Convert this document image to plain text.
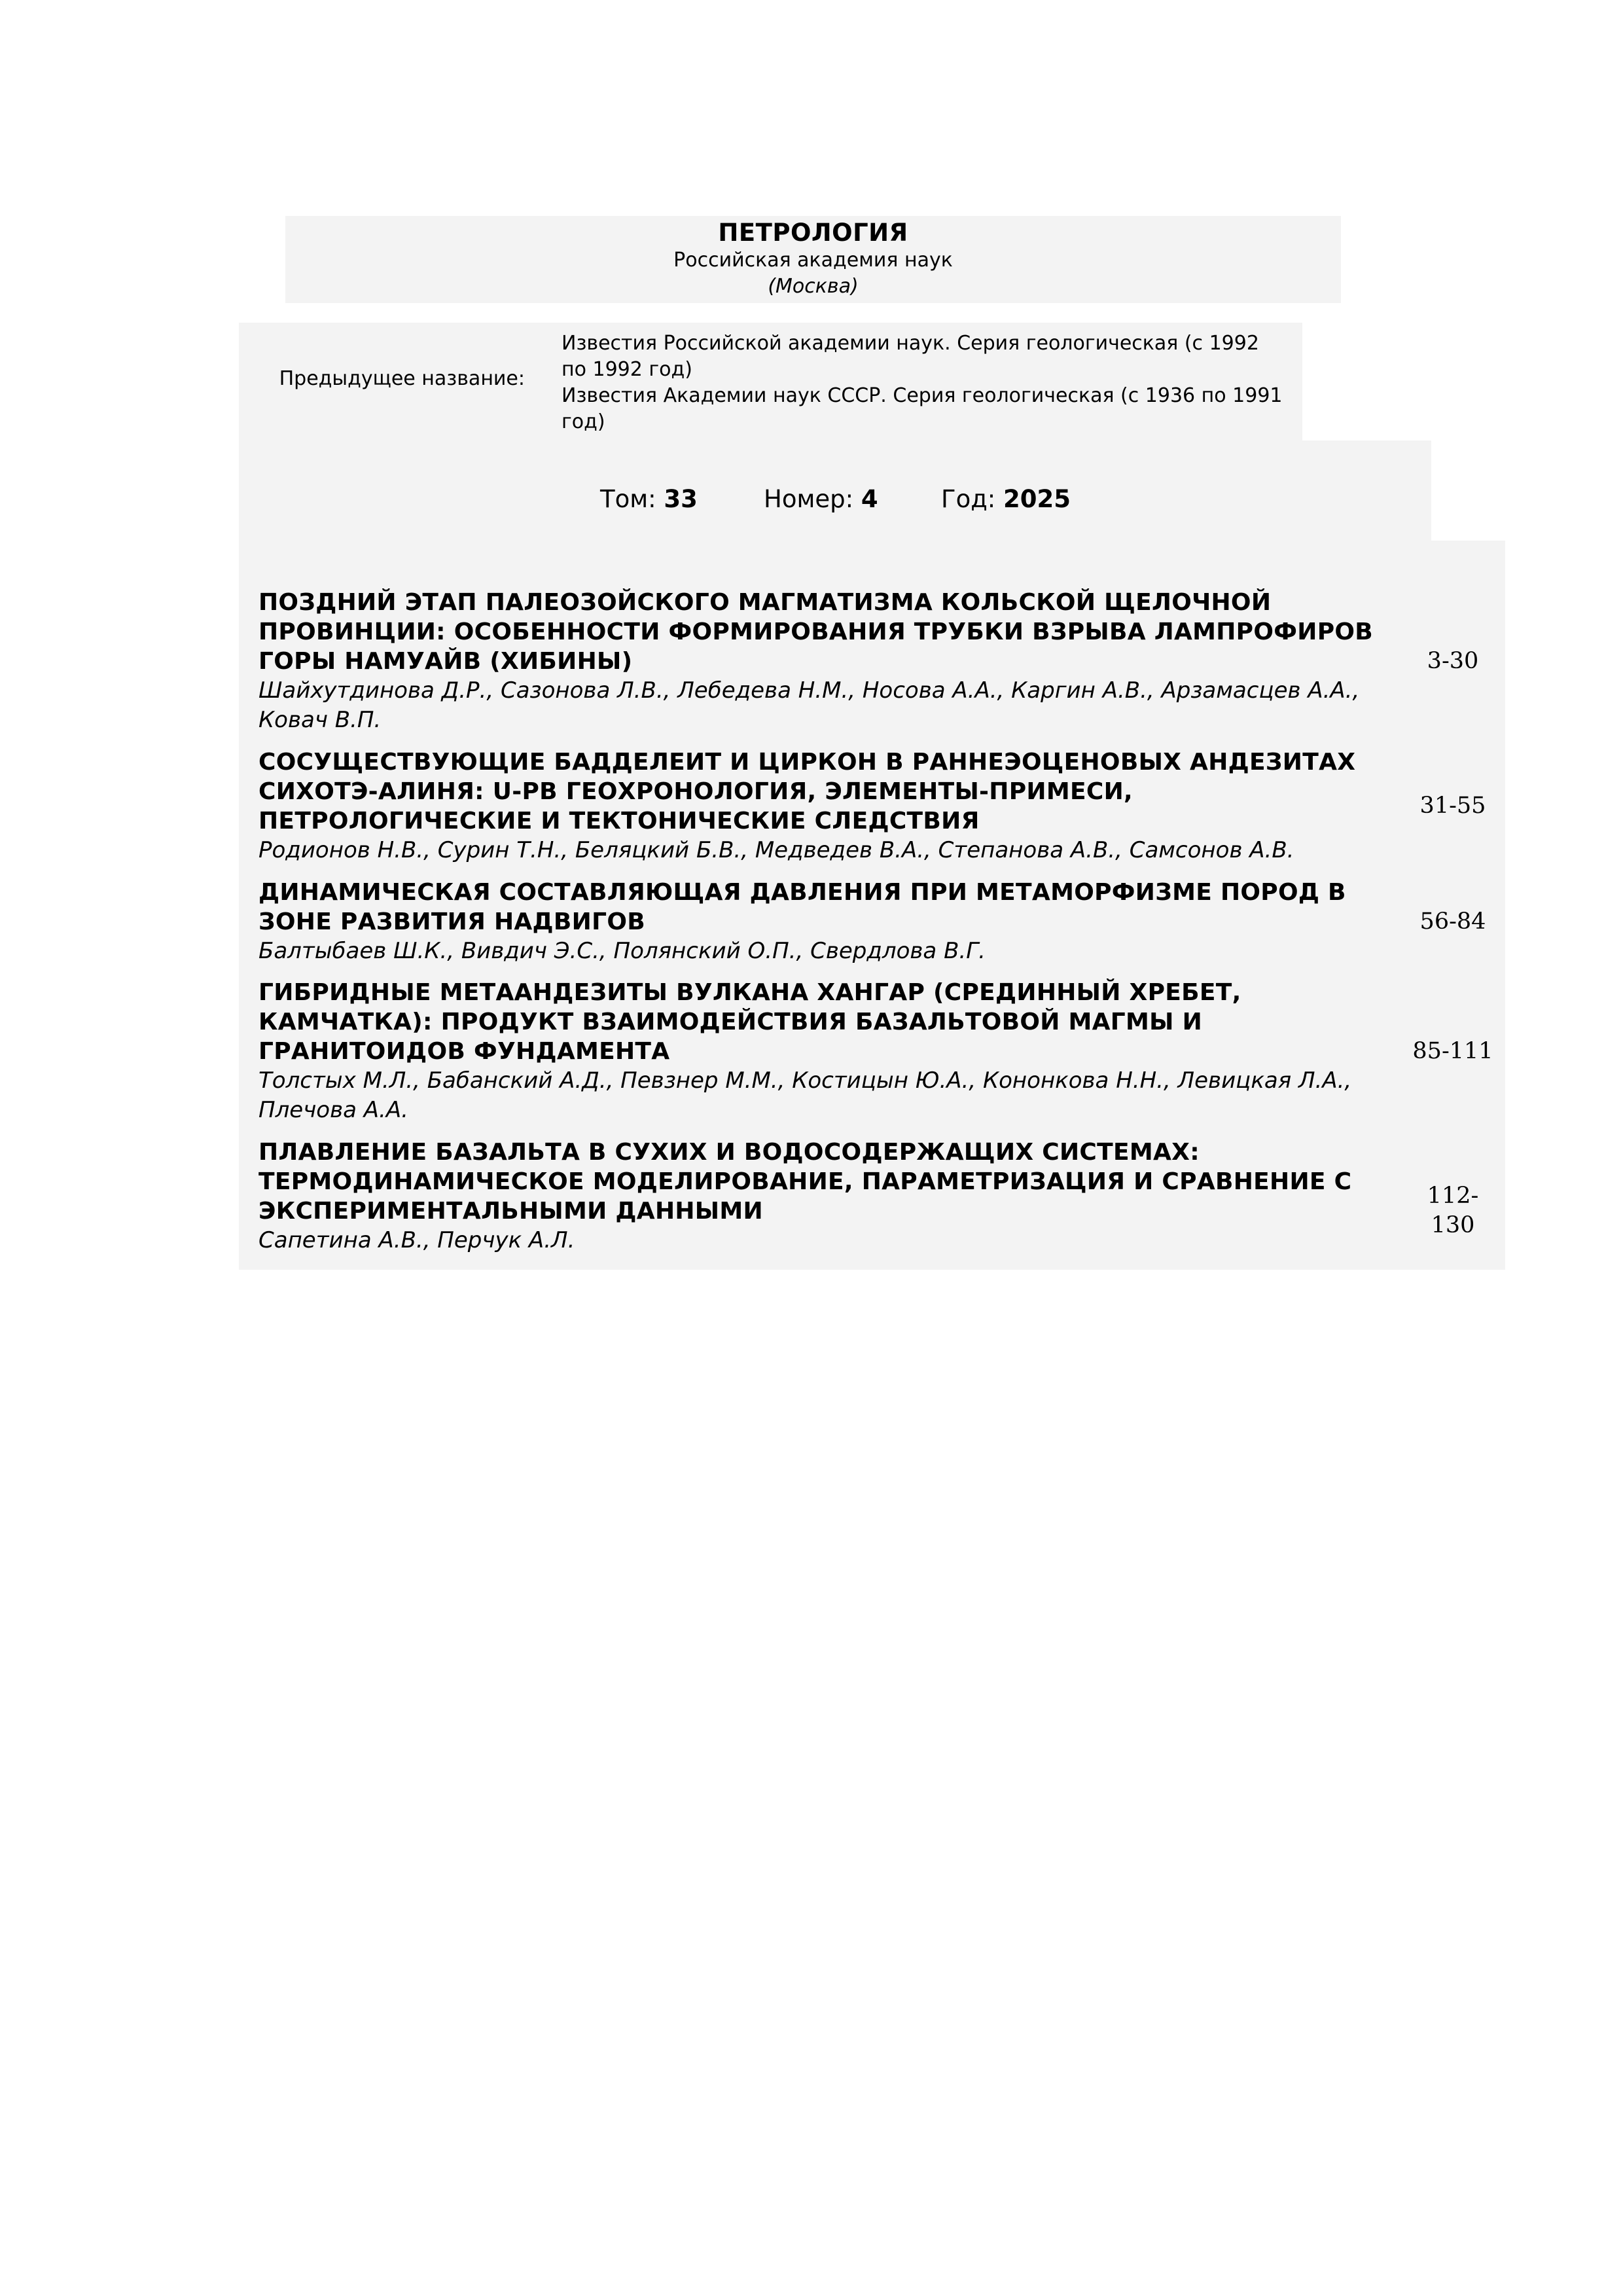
ПЕТРОЛОГИЯ
Российская академия наук
(Москва)
Предыдущее название:
Известия Российской академии наук. Серия геологическая (с 1992 по 1992 год)
Известия Академии наук СССР. Серия геологическая (с 1936 по 1991 год)
Том: 33	Номер: 4	Год: 2025
ПОЗДНИЙ ЭТАП ПАЛЕОЗОЙСКОГО МАГМАТИЗМА КОЛЬСКОЙ ЩЕЛОЧНОЙ ПРОВИНЦИИ: ОСОБЕННОСТИ ФОРМИРОВАНИЯ ТРУБКИ ВЗРЫВА ЛАМПРОФИРОВ ГОРЫ НАМУАЙВ (ХИБИНЫ)
Шайхутдинова Д.Р., Сазонова Л.В., Лебедева Н.М., Носова А.А., Каргин А.В., Арзамасцев А.А., Ковач В.П.
3-30
СОСУЩЕСТВУЮЩИЕ БАДДЕЛЕИТ И ЦИРКОН В РАННЕЭОЦЕНОВЫХ АНДЕЗИТАХ СИХОТЭ-АЛИНЯ: U-PB ГЕОХРОНОЛОГИЯ, ЭЛЕМЕНТЫ-ПРИМЕСИ, ПЕТРОЛОГИЧЕСКИЕ И ТЕКТОНИЧЕСКИЕ СЛЕДСТВИЯ
Родионов Н.В., Сурин Т.Н., Беляцкий Б.В., Медведев В.А., Степанова А.В., Самсонов А.В.
31-55
ДИНАМИЧЕСКАЯ СОСТАВЛЯЮЩАЯ ДАВЛЕНИЯ ПРИ МЕТАМОРФИЗМЕ ПОРОД В ЗОНЕ РАЗВИТИЯ НАДВИГОВ
Балтыбаев Ш.К., Вивдич Э.С., Полянский О.П., Свердлова В.Г.
56-84
ГИБРИДНЫЕ МЕТААНДЕЗИТЫ ВУЛКАНА ХАНГАР (СРЕДИННЫЙ ХРЕБЕТ, КАМЧАТКА): ПРОДУКТ ВЗАИМОДЕЙСТВИЯ БАЗАЛЬТОВОЙ МАГМЫ И ГРАНИТОИДОВ ФУНДАМЕНТА
Толстых М.Л., Бабанский А.Д., Певзнер М.М., Костицын Ю.А., Кононкова Н.Н., Левицкая Л.А., Плечова А.А.
85-111
ПЛАВЛЕНИЕ БАЗАЛЬТА В СУХИХ И ВОДОСОДЕРЖАЩИХ СИСТЕМАХ: ТЕРМОДИНАМИЧЕСКОЕ МОДЕЛИРОВАНИЕ, ПАРАМЕТРИЗАЦИЯ И СРАВНЕНИЕ С ЭКСПЕРИМЕНТАЛЬНЫМИ ДАННЫМИ
Сапетина А.В., Перчук А.Л.
112-130
